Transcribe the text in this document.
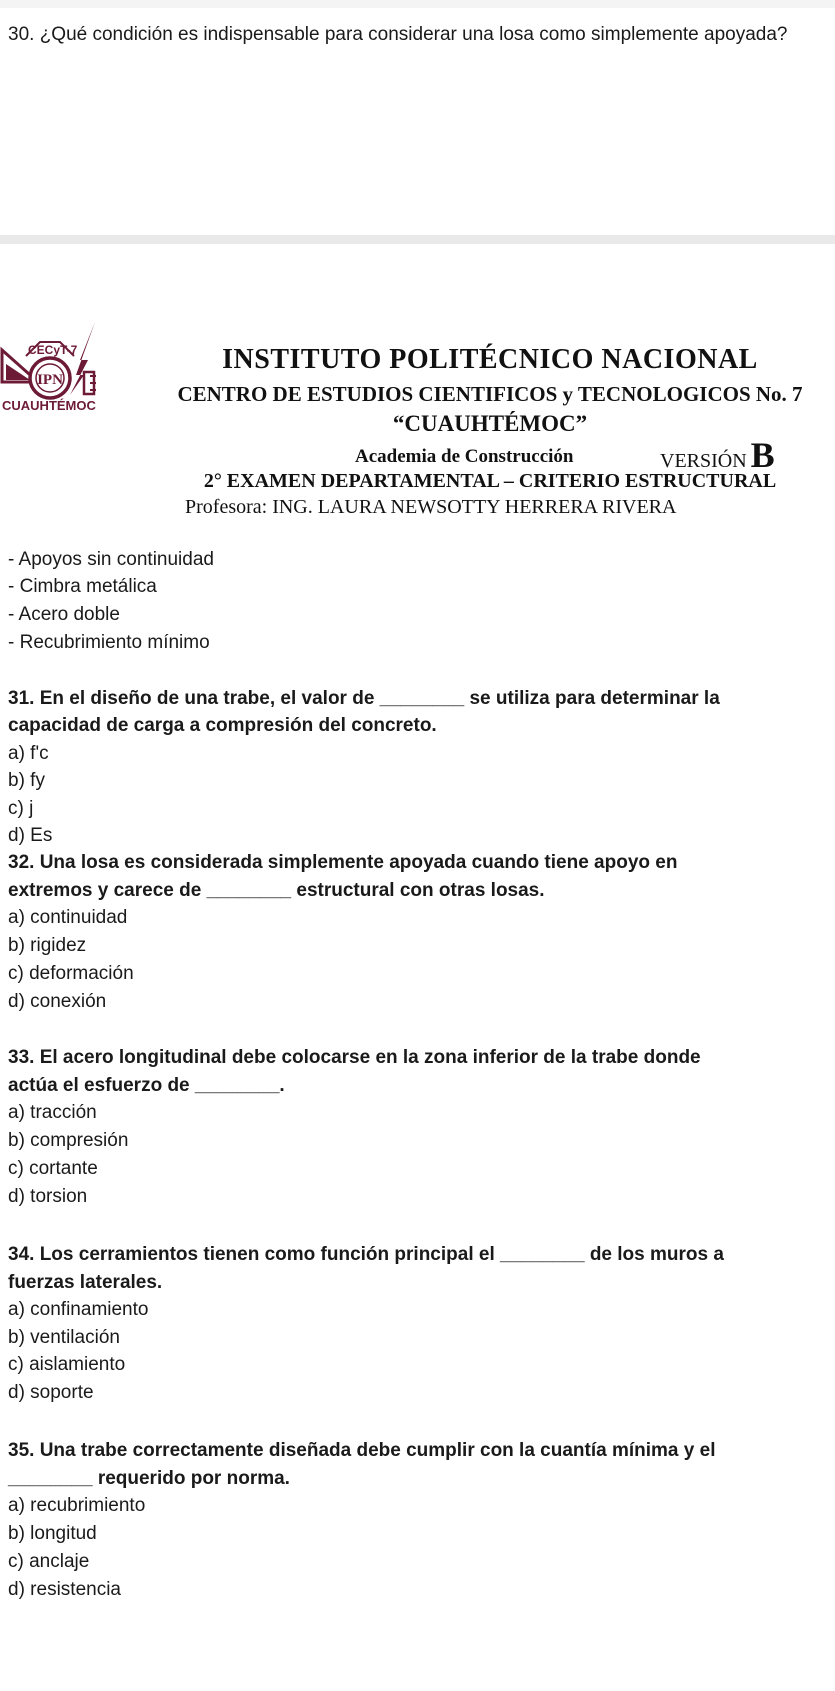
30. ¿Qué condición es indispensable para considerar una losa como simplemente apoyada?

CECyT-7
IPN
CUAUHTÉMOC

INSTITUTO POLITÉCNICO NACIONAL

CENTRO DE ESTUDIOS CIENTIFICOS y TECNOLOGICOS No. 7

“CUAUHTÉMOC”

Academia de Construcción	VERSIÓN B

2° EXAMEN DEPARTAMENTAL – CRITERIO ESTRUCTURAL

Profesora: ING. LAURA NEWSOTTY HERRERA RIVERA

- Apoyos sin continuidad

- Cimbra metálica

- Acero doble

- Recubrimiento mínimo

31. En el diseño de una trabe, el valor de ________ se utiliza para determinar la

capacidad de carga a compresión del concreto.

a) f'c

b) fy

c) j

d) Es

32. Una losa es considerada simplemente apoyada cuando tiene apoyo en

extremos y carece de ________ estructural con otras losas.

a) continuidad

b) rigidez

c) deformación

d) conexión

33. El acero longitudinal debe colocarse en la zona inferior de la trabe donde

actúa el esfuerzo de ________.

a) tracción

b) compresión

c) cortante

d) torsion

34. Los cerramientos tienen como función principal el ________ de los muros a

fuerzas laterales.

a) confinamiento

b) ventilación

c) aislamiento

d) soporte

35. Una trabe correctamente diseñada debe cumplir con la cuantía mínima y el

________ requerido por norma.

a) recubrimiento

b) longitud

c) anclaje

d) resistencia
